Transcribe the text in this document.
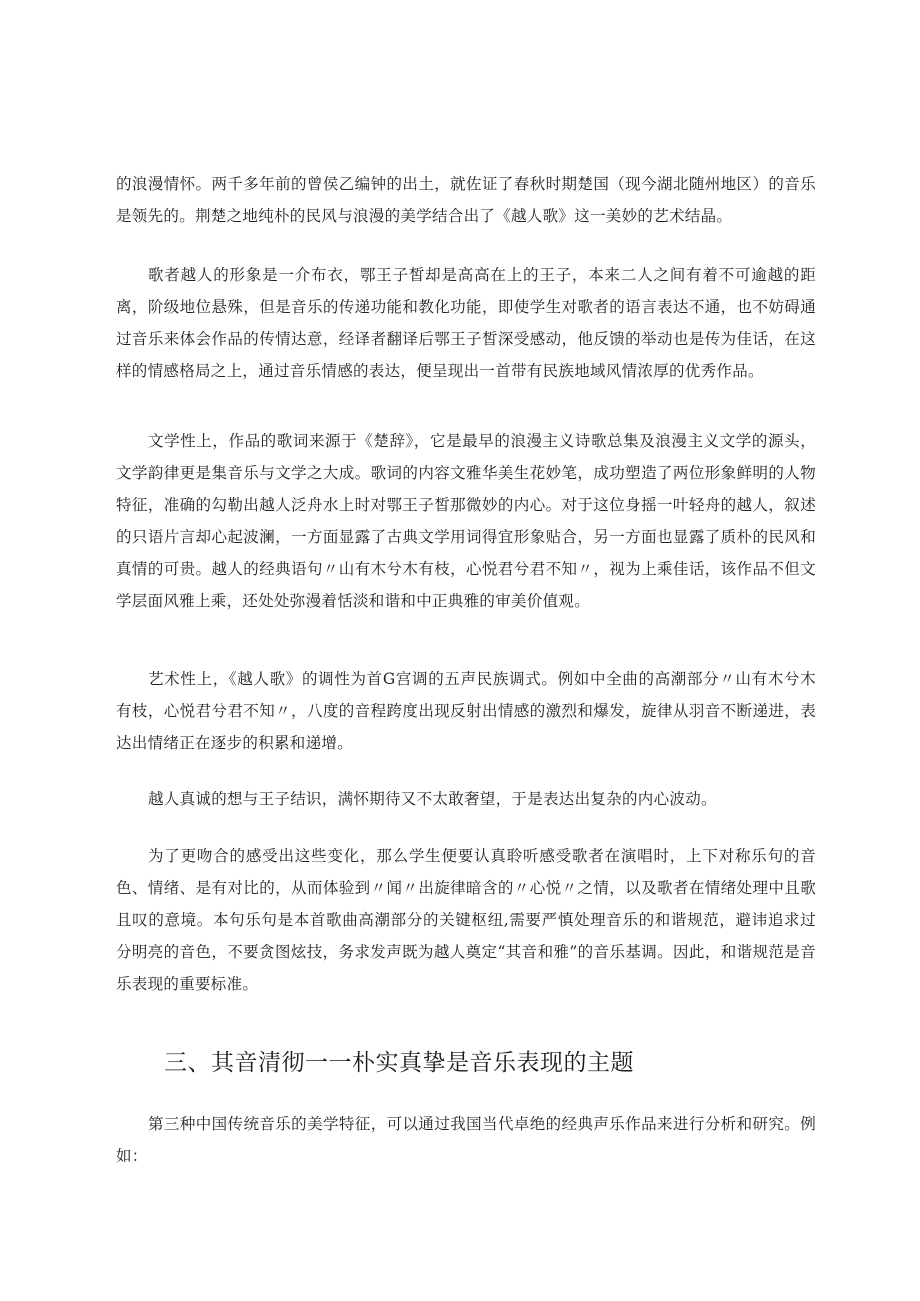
的浪漫情怀。两千多年前的曾侯乙编钟的出土，就佐证了春秋时期楚国（现今湖北随州地区）的音乐是领先的。荆楚之地纯朴的民风与浪漫的美学结合出了《越人歌》这一美妙的艺术结晶。

歌者越人的形象是一介布衣，鄂王子皙却是高高在上的王子，本来二人之间有着不可逾越的距离，阶级地位悬殊，但是音乐的传递功能和教化功能，即使学生对歌者的语言表达不通，也不妨碍通过音乐来体会作品的传情达意，经译者翻译后鄂王子皙深受感动，他反馈的举动也是传为佳话，在这样的情感格局之上，通过音乐情感的表达，便呈现出一首带有民族地域风情浓厚的优秀作品。

文学性上，作品的歌词来源于《楚辞》，它是最早的浪漫主义诗歌总集及浪漫主义文学的源头，文学韵律更是集音乐与文学之大成。歌词的内容文雅华美生花妙笔，成功塑造了两位形象鲜明的人物特征，准确的勾勒出越人泛舟水上时对鄂王子皙那微妙的内心。对于这位身摇一叶轻舟的越人，叙述的只语片言却心起波澜，一方面显露了古典文学用词得宜形象贴合，另一方面也显露了质朴的民风和真情的可贵。越人的经典语句〃山有木兮木有枝，心悦君兮君不知〃，视为上乘佳话，该作品不但文学层面风雅上乘，还处处弥漫着恬淡和谐和中正典雅的审美价值观。

艺术性上，《越人歌》的调性为首G宫调的五声民族调式。例如中全曲的高潮部分〃山有木兮木有枝，心悦君兮君不知〃，八度的音程跨度出现反射出情感的激烈和爆发，旋律从羽音不断递进，表达出情绪正在逐步的积累和递增。

越人真诚的想与王子结识，满怀期待又不太敢奢望，于是表达出复杂的内心波动。

为了更吻合的感受出这些变化，那么学生便要认真聆听感受歌者在演唱时，上下对称乐句的音色、情绪、是有对比的，从而体验到〃闻〃出旋律暗含的〃心悦〃之情，以及歌者在情绪处理中且歌且叹的意境。本句乐句是本首歌曲高潮部分的关键枢纽,需要严慎处理音乐的和谐规范，避讳追求过分明亮的音色，不要贪图炫技，务求发声既为越人奠定“其音和雅”的音乐基调。因此，和谐规范是音乐表现的重要标准。

三、其音清彻一一朴实真挚是音乐表现的主题

第三种中国传统音乐的美学特征，可以通过我国当代卓绝的经典声乐作品来进行分析和研究。例如：
